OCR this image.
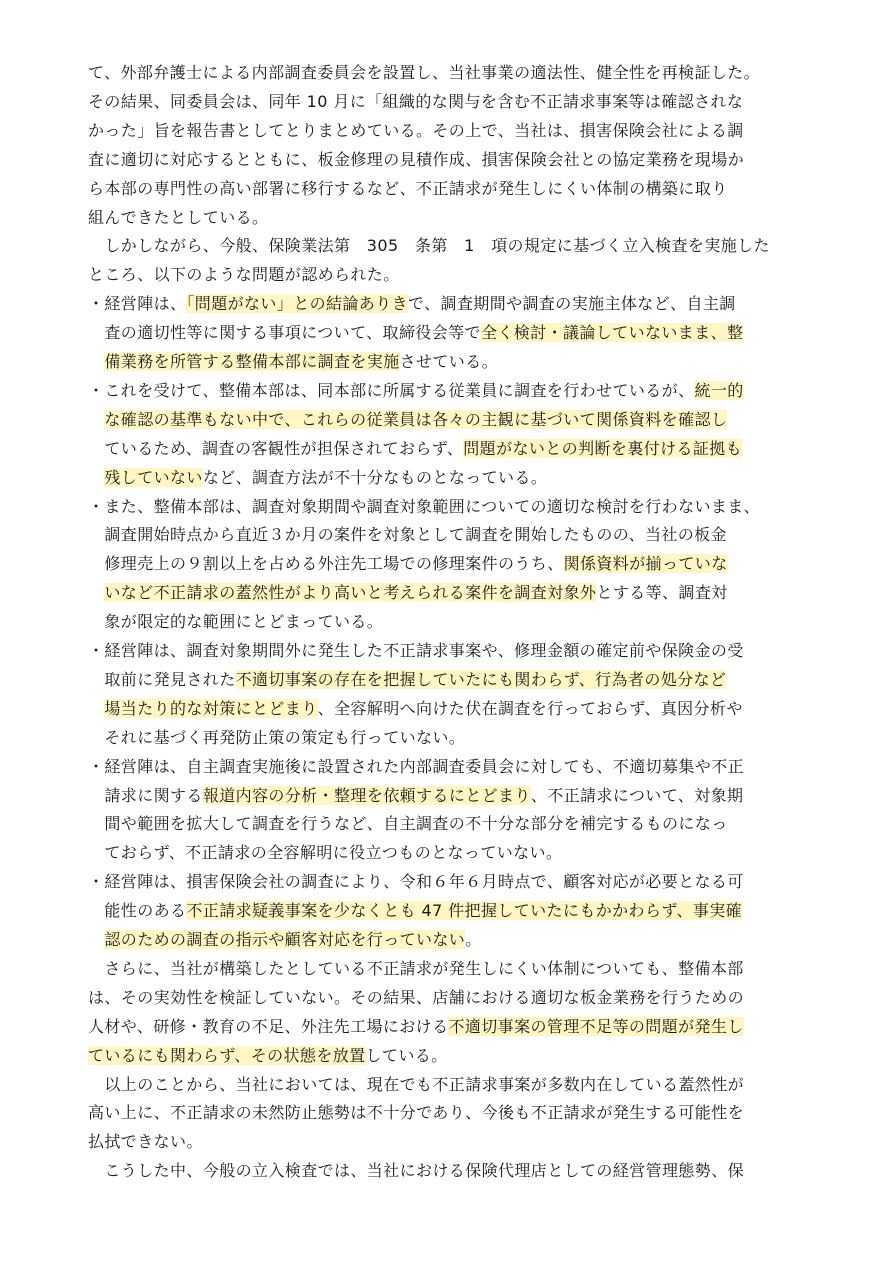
て、外部弁護士による内部調査委員会を設置し、当社事業の適法性、健全性を再検証した。
その結果、同委員会は、同年 10 月に「組織的な関与を含む不正請求事案等は確認されな
かった」旨を報告書としてとりまとめている。その上で、当社は、損害保険会社による調
査に適切に対応するとともに、板金修理の見積作成、損害保険会社との協定業務を現場か
ら本部の専門性の高い部署に移行するなど、不正請求が発生しにくい体制の構築に取り
組んできたとしている。
　しかしながら、今般、保険業法第　305　条第　1　項の規定に基づく立入検査を実施した
ところ、以下のような問題が認められた。
・経営陣は、「問題がない」との結論ありきで、調査期間や調査の実施主体など、自主調
　査の適切性等に関する事項について、取締役会等で全く検討・議論していないまま、整
　備業務を所管する整備本部に調査を実施させている。
・これを受けて、整備本部は、同本部に所属する従業員に調査を行わせているが、統一的
　な確認の基準もない中で、これらの従業員は各々の主観に基づいて関係資料を確認し
　ているため、調査の客観性が担保されておらず、問題がないとの判断を裏付ける証拠も
　残していないなど、調査方法が不十分なものとなっている。
・また、整備本部は、調査対象期間や調査対象範囲についての適切な検討を行わないまま、
　調査開始時点から直近３か月の案件を対象として調査を開始したものの、当社の板金
　修理売上の９割以上を占める外注先工場での修理案件のうち、関係資料が揃っていな
　いなど不正請求の蓋然性がより高いと考えられる案件を調査対象外とする等、調査対
　象が限定的な範囲にとどまっている。
・経営陣は、調査対象期間外に発生した不正請求事案や、修理金額の確定前や保険金の受
　取前に発見された不適切事案の存在を把握していたにも関わらず、行為者の処分など
　場当たり的な対策にとどまり、全容解明へ向けた伏在調査を行っておらず、真因分析や
　それに基づく再発防止策の策定も行っていない。
・経営陣は、自主調査実施後に設置された内部調査委員会に対しても、不適切募集や不正
　請求に関する報道内容の分析・整理を依頼するにとどまり、不正請求について、対象期
　間や範囲を拡大して調査を行うなど、自主調査の不十分な部分を補完するものになっ
　ておらず、不正請求の全容解明に役立つものとなっていない。
・経営陣は、損害保険会社の調査により、令和６年６月時点で、顧客対応が必要となる可
　能性のある不正請求疑義事案を少なくとも 47 件把握していたにもかかわらず、事実確
　認のための調査の指示や顧客対応を行っていない。
　さらに、当社が構築したとしている不正請求が発生しにくい体制についても、整備本部
は、その実効性を検証していない。その結果、店舗における適切な板金業務を行うための
人材や、研修・教育の不足、外注先工場における不適切事案の管理不足等の問題が発生し
ているにも関わらず、その状態を放置している。
　以上のことから、当社においては、現在でも不正請求事案が多数内在している蓋然性が
高い上に、不正請求の未然防止態勢は不十分であり、今後も不正請求が発生する可能性を
払拭できない。
　こうした中、今般の立入検査では、当社における保険代理店としての経営管理態勢、保
